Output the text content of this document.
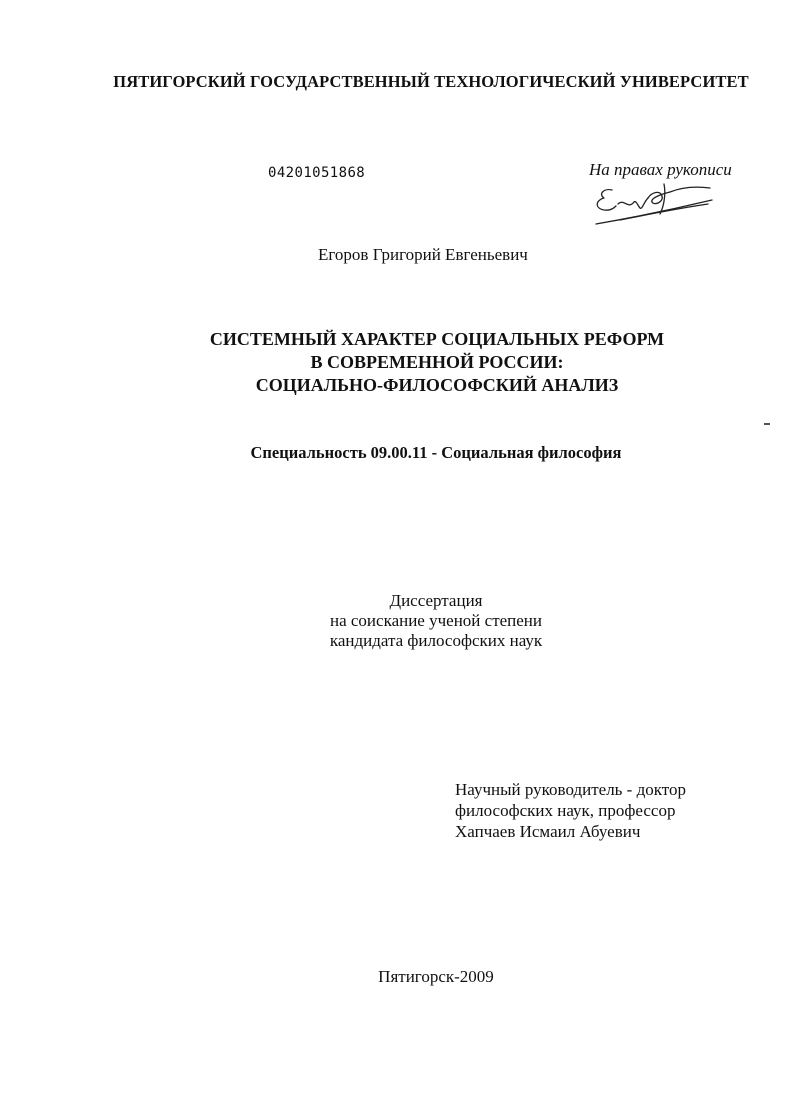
ПЯТИГОРСКИЙ ГОСУДАРСТВЕННЫЙ ТЕХНОЛОГИЧЕСКИЙ УНИВЕРСИТЕТ
04201051868	На правах рукописи
Егоров Григорий Евгеньевич
СИСТЕМНЫЙ ХАРАКТЕР СОЦИАЛЬНЫХ РЕФОРМ
В СОВРЕМЕННОЙ РОССИИ:
СОЦИАЛЬНО-ФИЛОСОФСКИЙ АНАЛИЗ
Специальность 09.00.11 - Социальная философия
Диссертация
на соискание ученой степени
кандидата философских наук
Научный руководитель - доктор
философских наук, профессор
Хапчаев Исмаил Абуевич
Пятигорск-2009
